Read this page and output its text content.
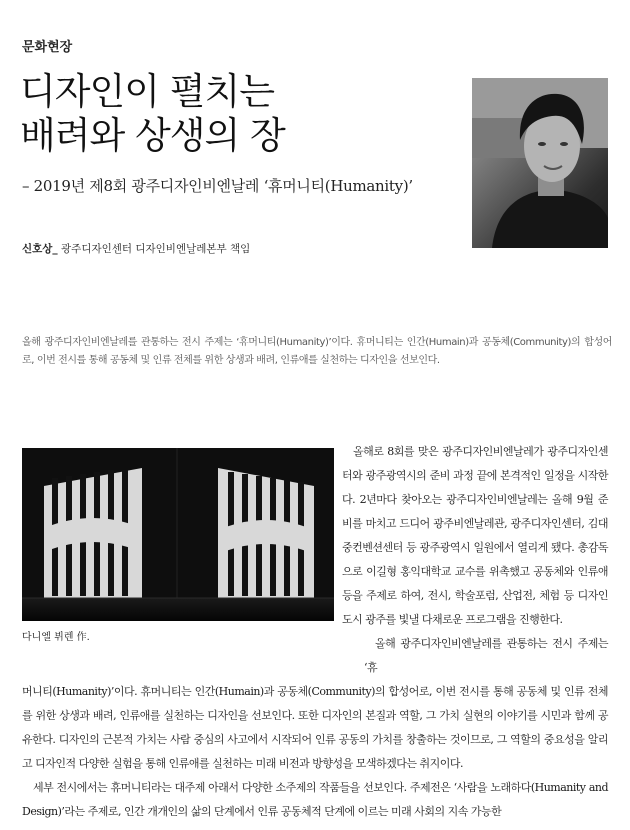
문화현장
디자인이 펼치는
배려와 상생의 장

– 2019년 제8회 광주디자인비엔날레 ‘휴머니티(Humanity)’

신호상_ 광주디자인센터 디자인비엔날레본부 책임

올해 광주디자인비엔날레를 관통하는 전시 주제는 ‘휴머니티(Humanity)’이다. 휴머니티는 인간(Humain)과 공동체(Community)의 합성어로, 이번 전시를 통해 공동체 및 인류 전체를 위한 상생과 배려, 인류애를 실천하는 디자인을 선보인다.

다니엘 뷔렌 作.

올해로 8회를 맞은 광주디자인비엔날레가 광주디자인센터와 광주광역시의 준비 과정 끝에 본격적인 일정을 시작한다. 2년마다 찾아오는 광주디자인비엔날레는 올해 9월 준비를 마치고 드디어 광주비엔날레관, 광주디자인센터, 김대중컨벤션센터 등 광주광역시 일원에서 열리게 됐다. 총감독으로 이길형 홍익대학교 교수를 위촉했고 공동체와 인류애 등을 주제로 하여, 전시, 학술포럼, 산업전, 체험 등 디자인도시 광주를 빛낼 다채로운 프로그램을 진행한다.

올해 광주디자인비엔날레를 관통하는 전시 주제는 ‘휴
머니티(Humanity)’이다. 휴머니티는 인간(Humain)과 공동체(Community)의 합성어로, 이번 전시를 통해 공동체 및 인류 전체를 위한 상생과 배려, 인류애를 실천하는 디자인을 선보인다. 또한 디자인의 본질과 역할, 그 가치 실현의 이야기를 시민과 함께 공유한다. 디자인의 근본적 가치는 사람 중심의 사고에서 시작되어 인류 공동의 가치를 창출하는 것이므로, 그 역할의 중요성을 알리고 디자인적 다양한 실험을 통해 인류애를 실천하는 미래 비전과 방향성을 모색하겠다는 취지이다.

세부 전시에서는 휴머니티라는 대주제 아래서 다양한 소주제의 작품들을 선보인다. 주제전은 ‘사람을 노래하다(Humanity and Design)’라는 주제로, 인간 개개인의 삶의 단계에서 인류 공동체적 단계에 이르는 미래 사회의 지속 가능한
